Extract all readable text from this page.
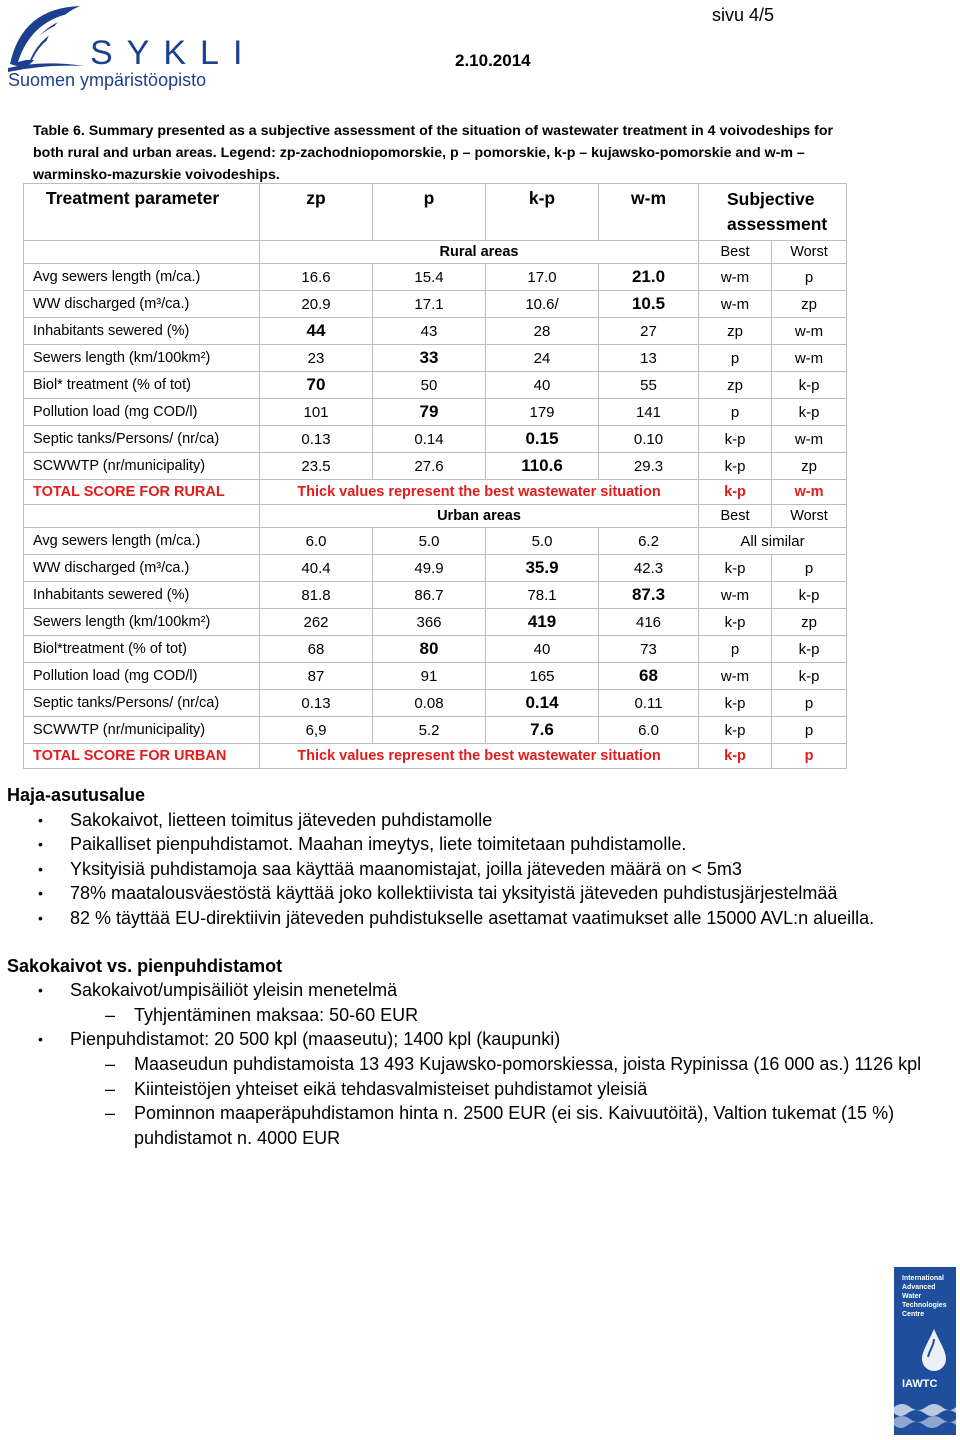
SYKLI
Suomen ympäristöopisto
2.10.2014
sivu 4/5
Table 6. Summary presented as a subjective assessment of the situation of wastewater treatment in 4 voivodeships for both rural and urban areas. Legend: zp-zachodniopomorskie, p – pomorskie, k-p – kujawsko-pomorskie and w-m – warminsko-mazurskie voivodeships.
Treatment parameter	zp	p	k-p	w-m	Subjective assessment	
	Rural areas				Best	Worst
Avg sewers length (m/ca.)	16.6	15.4	17.0	21.0	w-m	p
WW discharged (m³/ca.)	20.9	17.1	10.6/	10.5	w-m	zp
Inhabitants sewered (%)	44	43	28	27	zp	w-m
Sewers length (km/100km²)	23	33	24	13	p	w-m
Biol* treatment (% of tot)	70	50	40	55	zp	k-p
Pollution load (mg COD/l)	101	79	179	141	p	k-p
Septic tanks/Persons/ (nr/ca)	0.13	0.14	0.15	0.10	k-p	w-m
SCWWTP (nr/municipality)	23.5	27.6	110.6	29.3	k-p	zp
TOTAL SCORE FOR RURAL	Thick values represent the best wastewater situation				k-p	w-m
	Urban areas				Best	Worst
Avg sewers length (m/ca.)	6.0	5.0	5.0	6.2	All similar	
WW discharged (m³/ca.)	40.4	49.9	35.9	42.3	k-p	p
Inhabitants sewered (%)	81.8	86.7	78.1	87.3	w-m	k-p
Sewers length (km/100km²)	262	366	419	416	k-p	zp
Biol*treatment (% of tot)	68	80	40	73	p	k-p
Pollution load (mg COD/l)	87	91	165	68	w-m	k-p
Septic tanks/Persons/ (nr/ca)	0.13	0.08	0.14	0.11	k-p	p
SCWWTP (nr/municipality)	6,9	5.2	7.6	6.0	k-p	p
TOTAL SCORE FOR URBAN	Thick values represent the best wastewater situation				k-p	p
Haja-asutusalue
• Sakokaivot, lietteen toimitus jäteveden puhdistamolle
• Paikalliset pienpuhdistamot. Maahan imeytys, liete toimitetaan puhdistamolle.
• Yksityisiä puhdistamoja saa käyttää maanomistajat, joilla jäteveden määrä on < 5m3
• 78% maatalousväestöstä käyttää joko kollektiivista tai yksityistä jäteveden puhdistusjärjestelmää
• 82 % täyttää EU-direktiivin jäteveden puhdistukselle asettamat vaatimukset alle 15000 AVL:n alueilla.
Sakokaivot vs. pienpuhdistamot
• Sakokaivot/umpisäiliöt yleisin menetelmä
– Tyhjentäminen maksaa: 50-60 EUR
• Pienpuhdistamot: 20 500 kpl (maaseutu); 1400 kpl (kaupunki)
– Maaseudun puhdistamoista 13 493 Kujawsko-pomorskiessa, joista Rypinissa (16 000 as.) 1126 kpl
– Kiinteistöjen yhteiset eikä tehdasvalmisteiset puhdistamot yleisiä
– Pominnon maaperäpuhdistamon hinta n. 2500 EUR (ei sis. Kaivuutöitä), Valtion tukemat (15 %) puhdistamot n. 4000 EUR
International
Advanced
Water
Technologies
Centre
IAWTC
